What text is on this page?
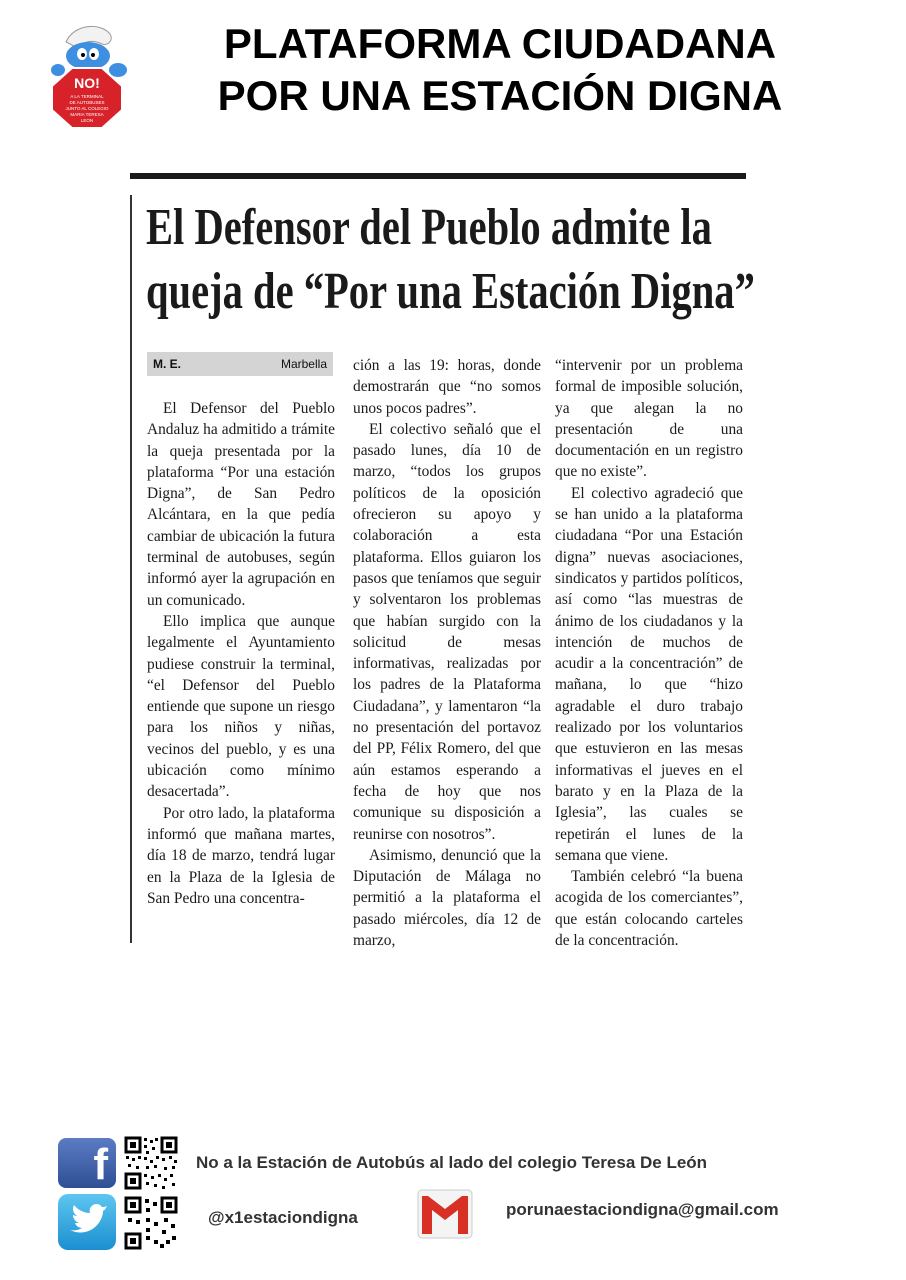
NO!
A LA TERMINAL
DE AUTOBUSES
JUNTO AL COLEGIO
MARIA TERESA
LEON
PLATAFORMA CIUDADANA
POR UNA ESTACIÓN DIGNA
El Defensor del Pueblo admite la
queja de “Por una Estación Digna”
M. E.	Marbella

El Defensor del Pueblo Andaluz ha admitido a trámite la queja presentada por la plataforma “Por una estación Digna”, de San Pedro Alcántara, en la que pedía cambiar de ubicación la futura terminal de autobuses, según informó ayer la agrupación en un comunicado.

Ello implica que aunque legalmente el Ayuntamiento pudiese construir la terminal, “el Defensor del Pueblo entiende que supone un riesgo para los niños y niñas, vecinos del pueblo, y es una ubicación como mínimo desacertada”.

Por otro lado, la plataforma informó que mañana martes, día 18 de marzo, tendrá lugar en la Plaza de la Iglesia de San Pedro una concentra-

ción a las 19: horas, donde demostrarán que “no somos unos pocos padres”.

El colectivo señaló que el pasado lunes, día 10 de marzo, “todos los grupos políticos de la oposición ofrecieron su apoyo y colaboración a esta plataforma. Ellos guiaron los pasos que teníamos que seguir y solventaron los problemas que habían surgido con la solicitud de mesas informativas, realizadas por los padres de la Plataforma Ciudadana”, y lamentaron “la no presentación del portavoz del PP, Félix Romero, del que aún estamos esperando a fecha de hoy que nos comunique su disposición a reunirse con nosotros”.

Asimismo, denunció que la Diputación de Málaga no permitió a la plataforma el pasado miércoles, día 12 de marzo,

“intervenir por un problema formal de imposible solución, ya que alegan la no presentación de una documentación en un registro que no existe”.

El colectivo agradeció que se han unido a la plataforma ciudadana “Por una Estación digna” nuevas asociaciones, sindicatos y partidos políticos, así como “las muestras de ánimo de los ciudadanos y la intención de muchos de acudir a la concentración” de mañana, lo que “hizo agradable el duro trabajo realizado por los voluntarios que estuvieron en las mesas informativas el jueves en el barato y en la Plaza de la Iglesia”, las cuales se repetirán el lunes de la semana que viene.

También celebró “la buena acogida de los comerciantes”, que están colocando carteles de la concentración.

f	No a la Estación de Autobús al lado del colegio Teresa De León
@x1estaciondigna	porunaestaciondigna@gmail.com
